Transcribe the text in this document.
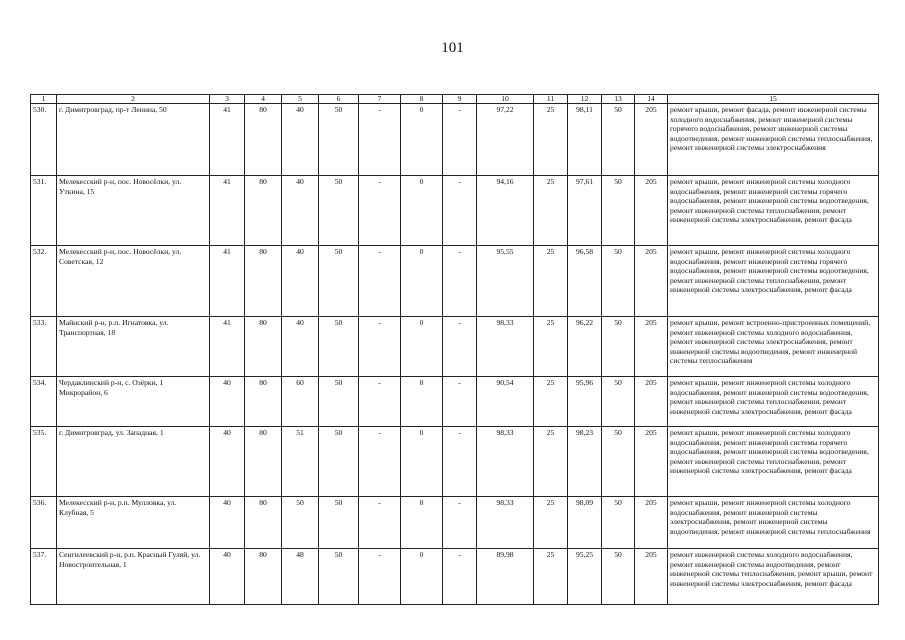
101
1	2	3	4	5	6	7	8	9	10	11	12	13	14	15
530.	г. Димитровград, пр-т Ленина, 50	41	80	40	50	-	0	-	97,22	25	98,11	50	205	ремонт крыши, ремонт фасада, ремонт инженерной системы холодного водоснабжения, ремонт инженерной системы горячего водоснабжения, ремонт инженерной системы водоотведения, ремонт инженерной системы теплоснабжения, ремонт инженерной системы электроснабжения
531.	Мелекесский р-н, пос. Новосёлки, ул. Уткина, 15	41	80	40	50	-	0	-	94,16	25	97,61	50	205	ремонт крыши, ремонт инженерной системы холодного водоснабжения, ремонт инженерной системы горячего водоснабжения, ремонт инженерной системы водоотведения, ремонт инженерной системы теплоснабжения, ремонт инженерной системы электроснабжения, ремонт фасада
532.	Мелекесский р-н, пос. Новосёлки, ул. Советская, 12	41	80	40	50	-	0	-	95,55	25	96,58	50	205	ремонт крыши, ремонт инженерной системы холодного водоснабжения, ремонт инженерной системы горячего водоснабжения, ремонт инженерной системы водоотведения, ремонт инженерной системы теплоснабжения, ремонт инженерной системы электроснабжения, ремонт фасада
533.	Майнский р-н, р.п. Игнатовка, ул. Транспортная, 18	41	80	40	50	-	0	-	98,33	25	96,22	50	205	ремонт крыши, ремонт встроенно-пристроенных помещений, ремонт инженерной системы холодного водоснабжения, ремонт инженерной системы электроснабжения, ремонт инженерной системы водоотведения, ремонт инженерной системы теплоснабжения
534.	Чердаклинский р-н, с. Озёрки, 1 Микрорайон, 6	40	80	60	50	-	0	-	90,54	25	95,96	50	205	ремонт крыши, ремонт инженерной системы холодного водоснабжения, ремонт инженерной системы водоотведения, ремонт инженерной системы теплоснабжения, ремонт инженерной системы электроснабжения, ремонт фасада
535.	г. Димитровград, ул. Западная, 1	40	80	51	50	-	0	-	98,33	25	98,23	50	205	ремонт крыши, ремонт инженерной системы холодного водоснабжения, ремонт инженерной системы горячего водоснабжения, ремонт инженерной системы водоотведения, ремонт инженерной системы теплоснабжения, ремонт инженерной системы электроснабжения, ремонт фасада
536.	Мелекесский р-н, р.п. Мулловка, ул. Клубная, 5	40	80	50	50	-	0	-	98,33	25	98,09	50	205	ремонт крыши, ремонт инженерной системы холодного водоснабжения, ремонт инженерной системы электроснабжения, ремонт инженерной системы водоотведения, ремонт инженерной системы теплоснабжения
537.	Сенгилеевский р-н, р.п. Красный Гуляй, ул. Новостроительная, 1	40	80	48	50	-	0	-	89,98	25	95,25	50	205	ремонт инженерной системы холодного водоснабжения, ремонт инженерной системы водоотведения, ремонт инженерной системы теплоснабжения, ремонт крыши, ремонт инженерной системы электроснабжения, ремонт фасада
